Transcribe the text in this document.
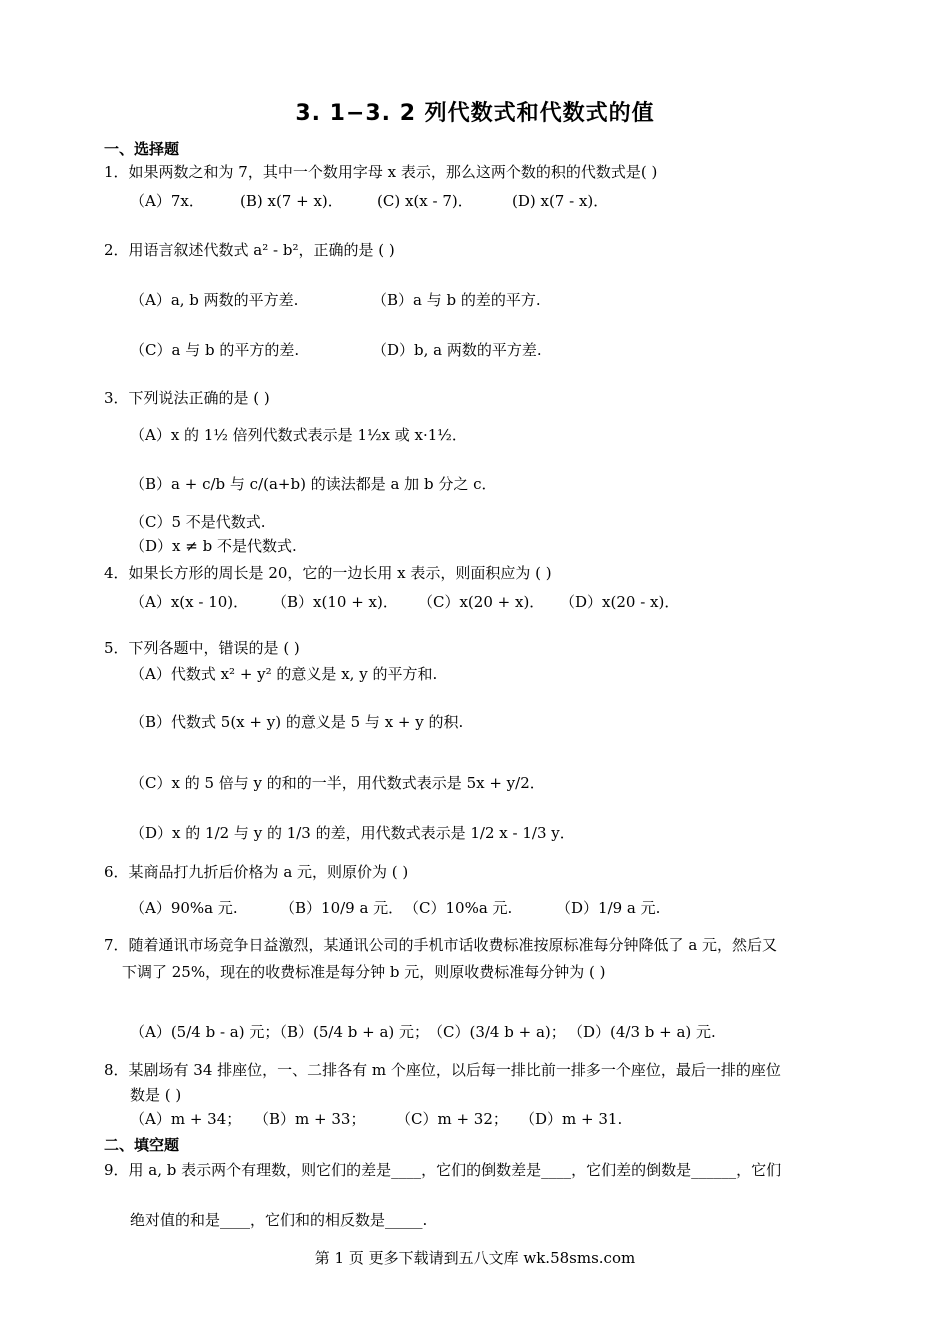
3. 1−3. 2 列代数式和代数式的值
一、选择题
1．如果两数之和为 7，其中一个数用字母 x 表示，那么这两个数的积的代数式是( )
（A）7x． (B) x(7 + x)． (C) x(x - 7)．	(D) x(7 - x)．
2．用语言叙述代数式 a² - b²，正确的是 ( )
（A）a, b 两数的平方差.	（B）a 与 b 的差的平方.
（C）a 与 b 的平方的差.	（D）b, a 两数的平方差.
3．下列说法正确的是 ( )
（A）x 的 1½ 倍列代数式表示是 1½x 或 x·1½．
（B）a + c/b 与 c/(a+b) 的读法都是 a 加 b 分之 c．
（C）5 不是代数式.
（D）x ≠ b 不是代数式.
4．如果长方形的周长是 20，它的一边长用 x 表示，则面积应为 ( )
（A）x(x - 10)． （B）x(10 + x)． （C）x(20 + x)． （D）x(20 - x)．
5．下列各题中，错误的是 ( )
（A）代数式 x² + y² 的意义是 x, y 的平方和.
（B）代数式 5(x + y) 的意义是 5 与 x + y 的积.
（C）x 的 5 倍与 y 的和的一半，用代数式表示是 5x + y/2．
（D）x 的 1/2 与 y 的 1/3 的差，用代数式表示是 1/2 x - 1/3 y．
6．某商品打九折后价格为 a 元，则原价为 ( )
（A）90%a 元.	（B）10/9 a 元． （C）10%a 元.	（D）1/9 a 元.
7．随着通讯市场竞争日益激烈，某通讯公司的手机市话收费标准按原标准每分钟降低了 a 元，然后又
下调了 25%，现在的收费标准是每分钟 b 元，则原收费标准每分钟为 ( )
（A）(5/4 b - a) 元；
（B）(5/4 b + a) 元；
（C）(3/4 b + a)； （D）(4/3 b + a) 元.
8．某剧场有 34 排座位，一、二排各有 m 个座位，以后每一排比前一排多一个座位，最后一排的座位
数是 ( )
（A）m + 34； （B）m + 33； （C）m + 32； （D）m + 31.
二、填空题
9．用 a, b 表示两个有理数，则它们的差是____，它们的倒数差是____，它们差的倒数是______，它们
绝对值的和是____，它们和的相反数是_____.
第 1 页 更多下载请到五八文库 wk.58sms.com
